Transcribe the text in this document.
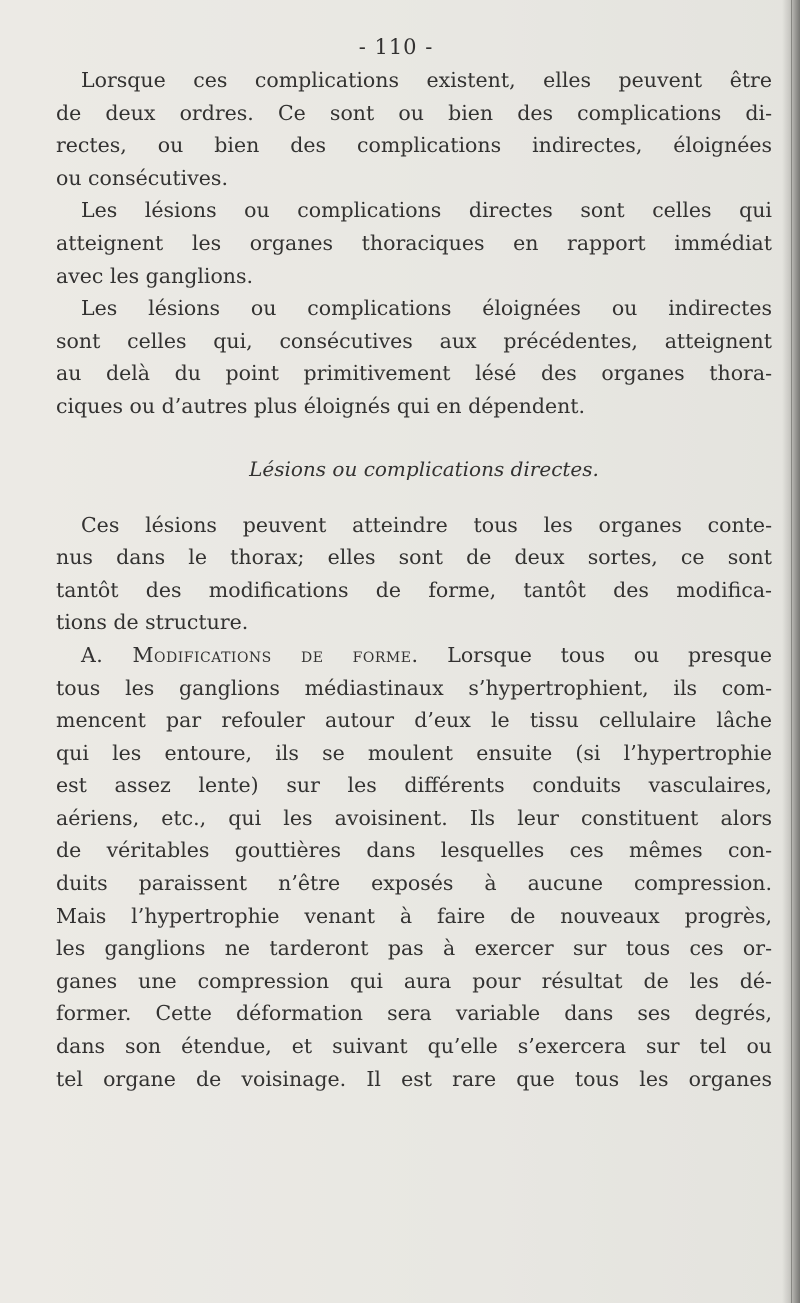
- 110 -
Lorsque ces complications existent, elles peuvent être
de deux ordres. Ce sont ou bien des complications di-
rectes, ou bien des complications indirectes, éloignées
ou consécutives.
Les lésions ou complications directes sont celles qui
atteignent les organes thoraciques en rapport immédiat
avec les ganglions.
Les lésions ou complications éloignées ou indirectes
sont celles qui, consécutives aux précédentes, atteignent
au delà du point primitivement lésé des organes thora-
ciques ou d’autres plus éloignés qui en dépendent.
Lésions ou complications directes.
Ces lésions peuvent atteindre tous les organes conte-
nus dans le thorax; elles sont de deux sortes, ce sont
tantôt des modifications de forme, tantôt des modifica-
tions de structure.
A. Modifications de forme. Lorsque tous ou presque
tous les ganglions médiastinaux s’hypertrophient, ils com-
mencent par refouler autour d’eux le tissu cellulaire lâche
qui les entoure, ils se moulent ensuite (si l’hypertrophie
est assez lente) sur les différents conduits vasculaires,
aériens, etc., qui les avoisinent. Ils leur constituent alors
de véritables gouttières dans lesquelles ces mêmes con-
duits paraissent n’être exposés à aucune compression.
Mais l’hypertrophie venant à faire de nouveaux progrès,
les ganglions ne tarderont pas à exercer sur tous ces or-
ganes une compression qui aura pour résultat de les dé-
former. Cette déformation sera variable dans ses degrés,
dans son étendue, et suivant qu’elle s’exercera sur tel ou
tel organe de voisinage. Il est rare que tous les organes
